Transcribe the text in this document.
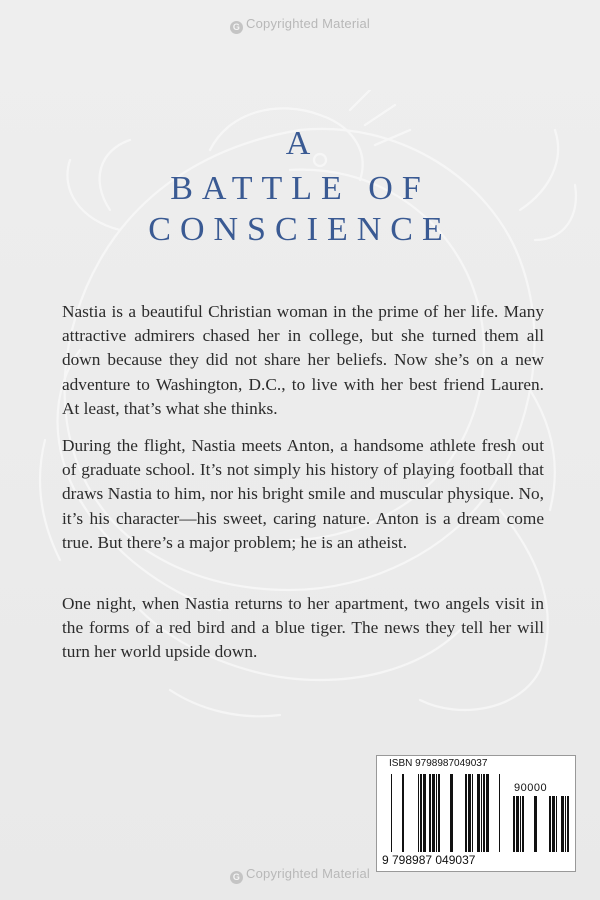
G Copyrighted Material
A
BATTLE OF
CONSCIENCE

Nastia is a beautiful Christian woman in the prime of her life. Many attractive admirers chased her in college, but she turned them all down because they did not share her beliefs. Now she’s on a new adventure to Washington, D.C., to live with her best friend Lauren. At least, that’s what she thinks.

During the flight, Nastia meets Anton, a handsome athlete fresh out of graduate school. It’s not simply his history of playing football that draws Nastia to him, nor his bright smile and muscular physique. No, it’s his character—his sweet, caring nature. Anton is a dream come true. But there’s a major problem; he is an atheist.

One night, when Nastia returns to her apartment, two angels visit in the forms of a red bird and a blue tiger. The news they tell her will turn her world upside down.

ISBN 9798987049037
90000
9 798987 049037
G Copyrighted Material
